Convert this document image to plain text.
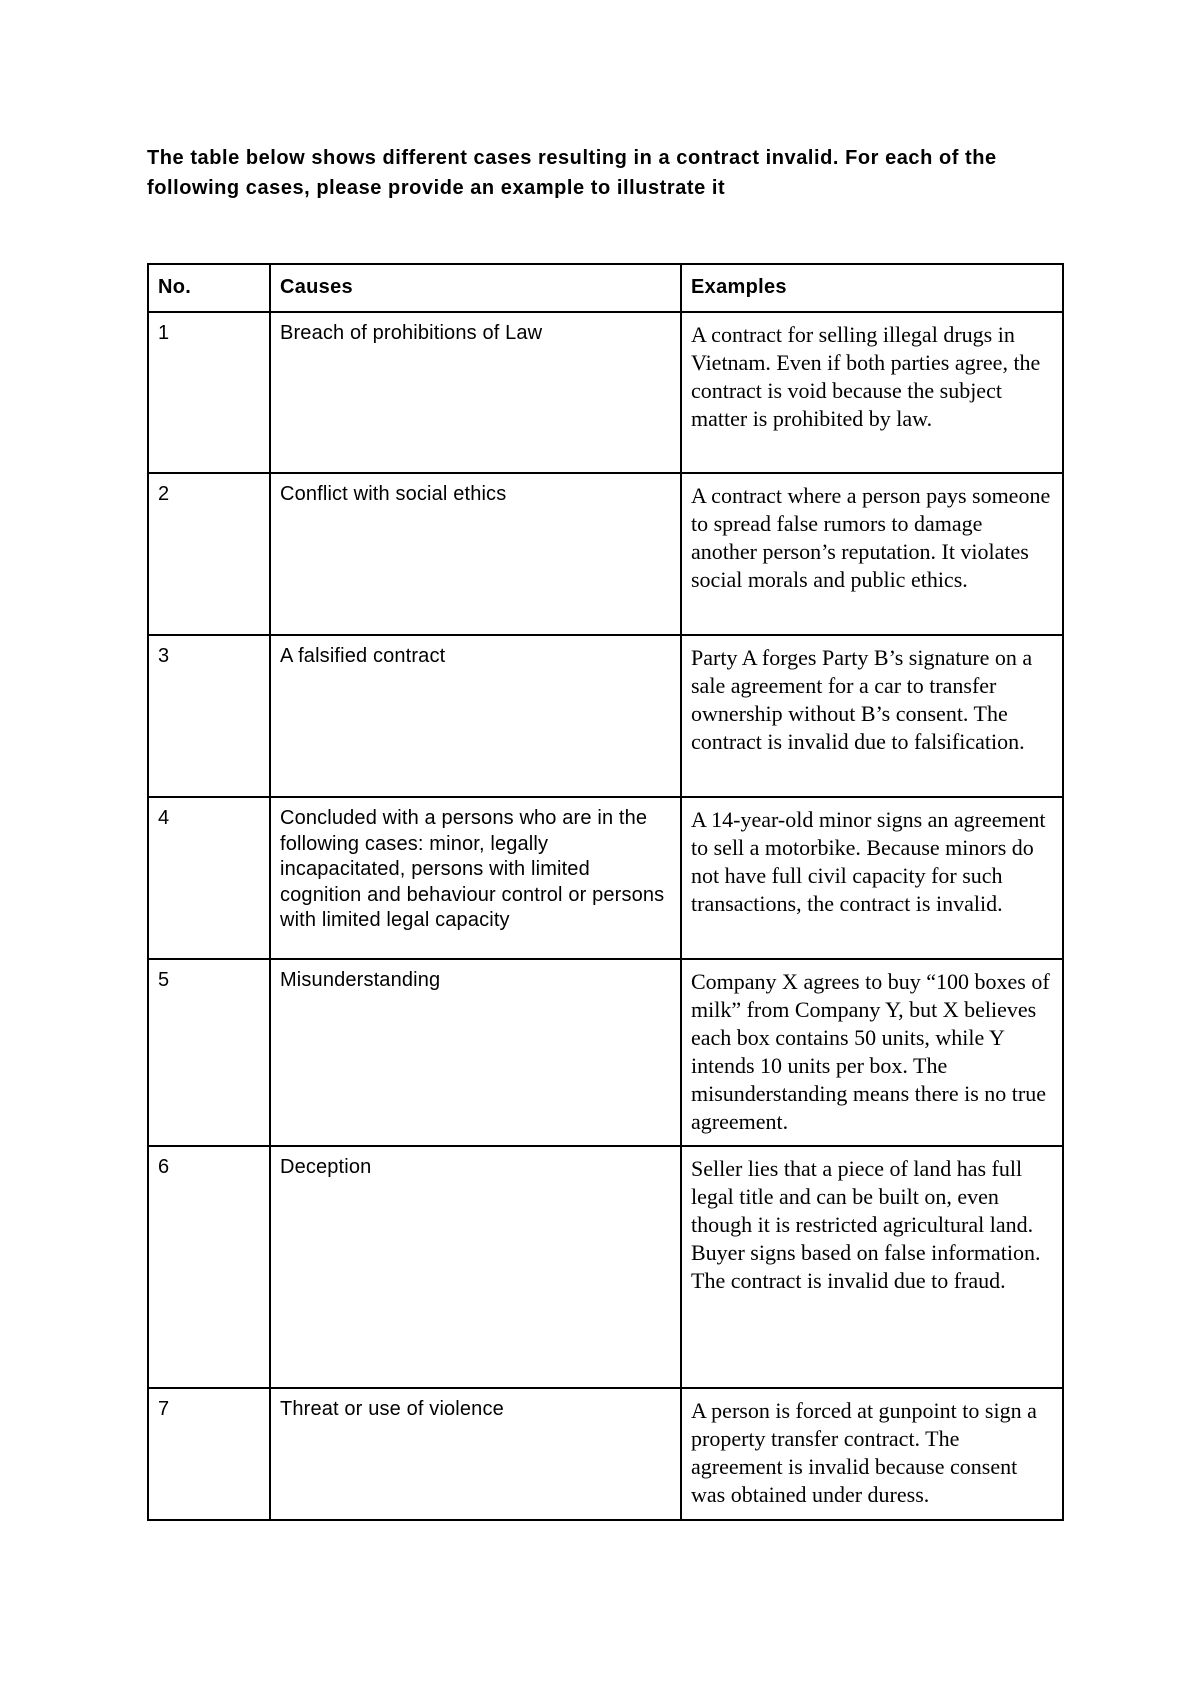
The table below shows different cases resulting in a contract invalid. For each of the following cases, please provide an example to illustrate it

No.	Causes	Examples
1	Breach of prohibitions of Law	A contract for selling illegal drugs in Vietnam. Even if both parties agree, the contract is void because the subject matter is prohibited by law.
2	Conflict with social ethics	A contract where a person pays someone to spread false rumors to damage another person’s reputation. It violates social morals and public ethics.
3	A falsified contract	Party A forges Party B’s signature on a sale agreement for a car to transfer ownership without B’s consent. The contract is invalid due to falsification.
4	Concluded with a persons who are in the following cases: minor, legally incapacitated, persons with limited cognition and behaviour control or persons with limited legal capacity	A 14-year-old minor signs an agreement to sell a motorbike. Because minors do not have full civil capacity for such transactions, the contract is invalid.
5	Misunderstanding	Company X agrees to buy “100 boxes of milk” from Company Y, but X believes each box contains 50 units, while Y intends 10 units per box. The misunderstanding means there is no true agreement.
6	Deception	Seller lies that a piece of land has full legal title and can be built on, even though it is restricted agricultural land. Buyer signs based on false information. The contract is invalid due to fraud.
7	Threat or use of violence	A person is forced at gunpoint to sign a property transfer contract. The agreement is invalid because consent was obtained under duress.
